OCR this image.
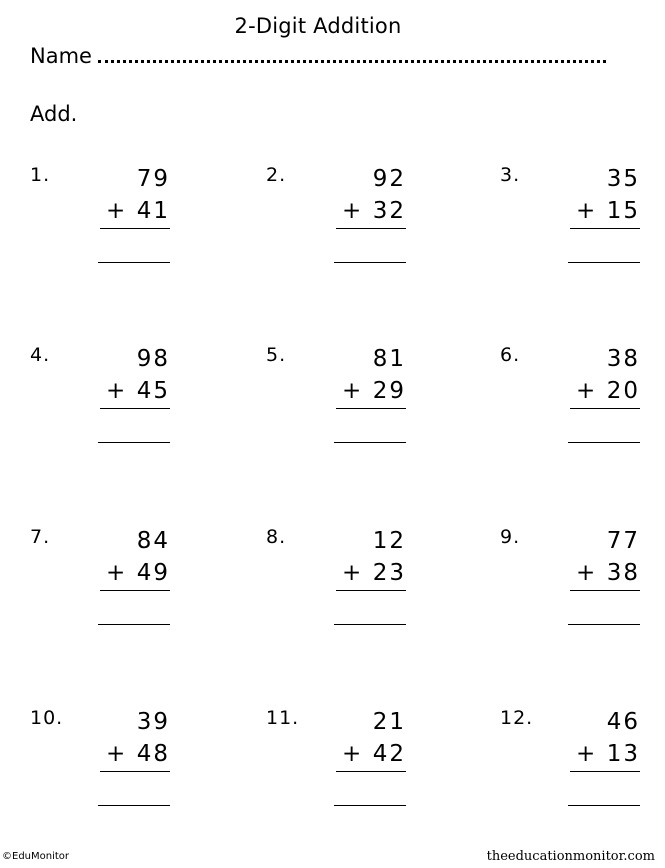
2-Digit Addition
Name
Add.
1.	79
+ 41
2.	92
+ 32
3.	35
+ 15
4.	98
+ 45
5.	81
+ 29
6.	38
+ 20
7.	84
+ 49
8.	12
+ 23
9.	77
+ 38
10.	39
+ 48
11.	21
+ 42
12.	46
+ 13
©EduMonitor	theeducationmonitor.com
